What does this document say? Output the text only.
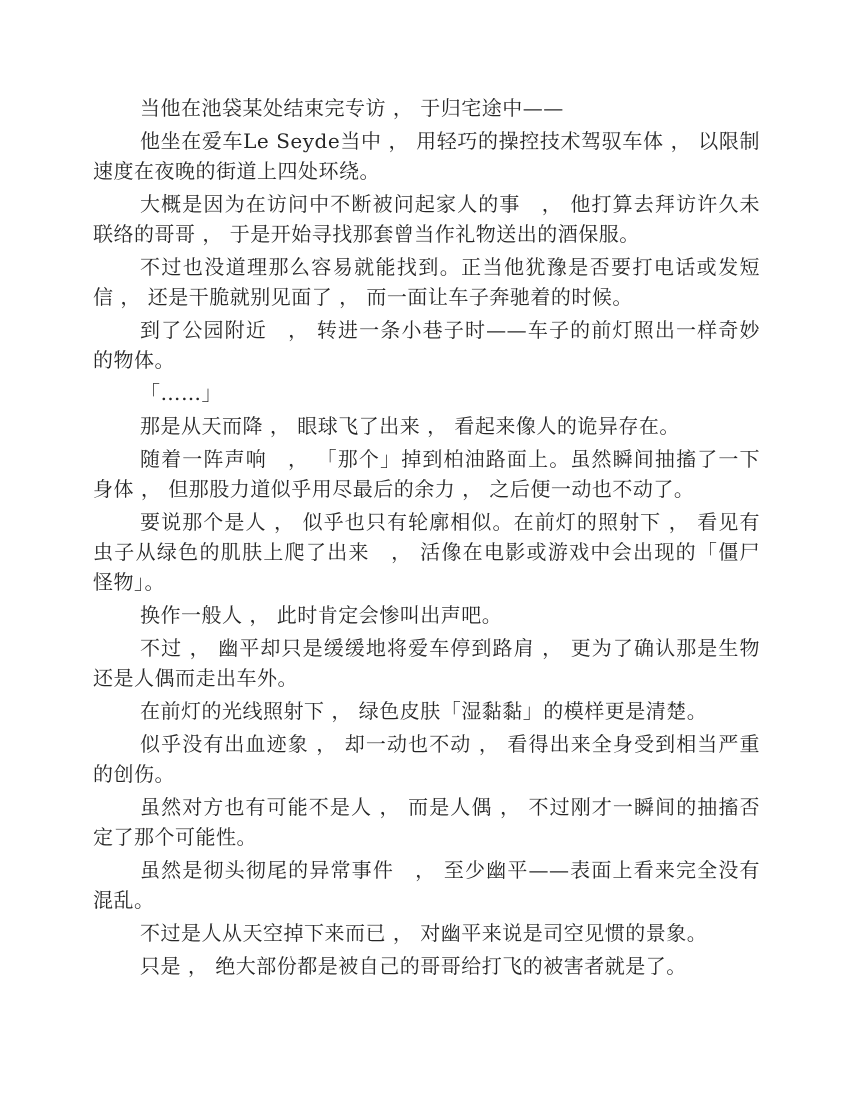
当他在池袋某处结束完专访 ， 于归宅途中——
他坐在爱车Le Seyde当中 ， 用轻巧的操控技术驾驭车体 ， 以限制
速度在夜晚的街道上四处环绕。
大概是因为在访问中不断被问起家人的事　， 他打算去拜访许久未
联络的哥哥 ， 于是开始寻找那套曾当作礼物送出的酒保服。
不过也没道理那么容易就能找到。正当他犹豫是否要打电话或发短
信 ， 还是干脆就别见面了 ， 而一面让车子奔驰着的时候。
到了公园附近　， 转进一条小巷子时——车子的前灯照出一样奇妙
的物体。
「……」
那是从天而降 ， 眼球飞了出来 ， 看起来像人的诡异存在。
随着一阵声响　， 「那个」掉到柏油路面上。虽然瞬间抽搐了一下
身体 ， 但那股力道似乎用尽最后的余力 ， 之后便一动也不动了。
要说那个是人 ， 似乎也只有轮廓相似。在前灯的照射下 ， 看见有
虫子从绿色的肌肤上爬了出来　， 活像在电影或游戏中会出现的「僵尸
怪物」。
换作一般人 ， 此时肯定会惨叫出声吧。
不过 ， 幽平却只是缓缓地将爱车停到路肩 ， 更为了确认那是生物
还是人偶而走出车外。
在前灯的光线照射下 ， 绿色皮肤「湿黏黏」的模样更是清楚。
似乎没有出血迹象 ， 却一动也不动 ， 看得出来全身受到相当严重
的创伤。
虽然对方也有可能不是人 ， 而是人偶 ， 不过刚才一瞬间的抽搐否
定了那个可能性。
虽然是彻头彻尾的异常事件　， 至少幽平——表面上看来完全没有
混乱。
不过是人从天空掉下来而已 ， 对幽平来说是司空见惯的景象。
只是 ， 绝大部份都是被自己的哥哥给打飞的被害者就是了。
